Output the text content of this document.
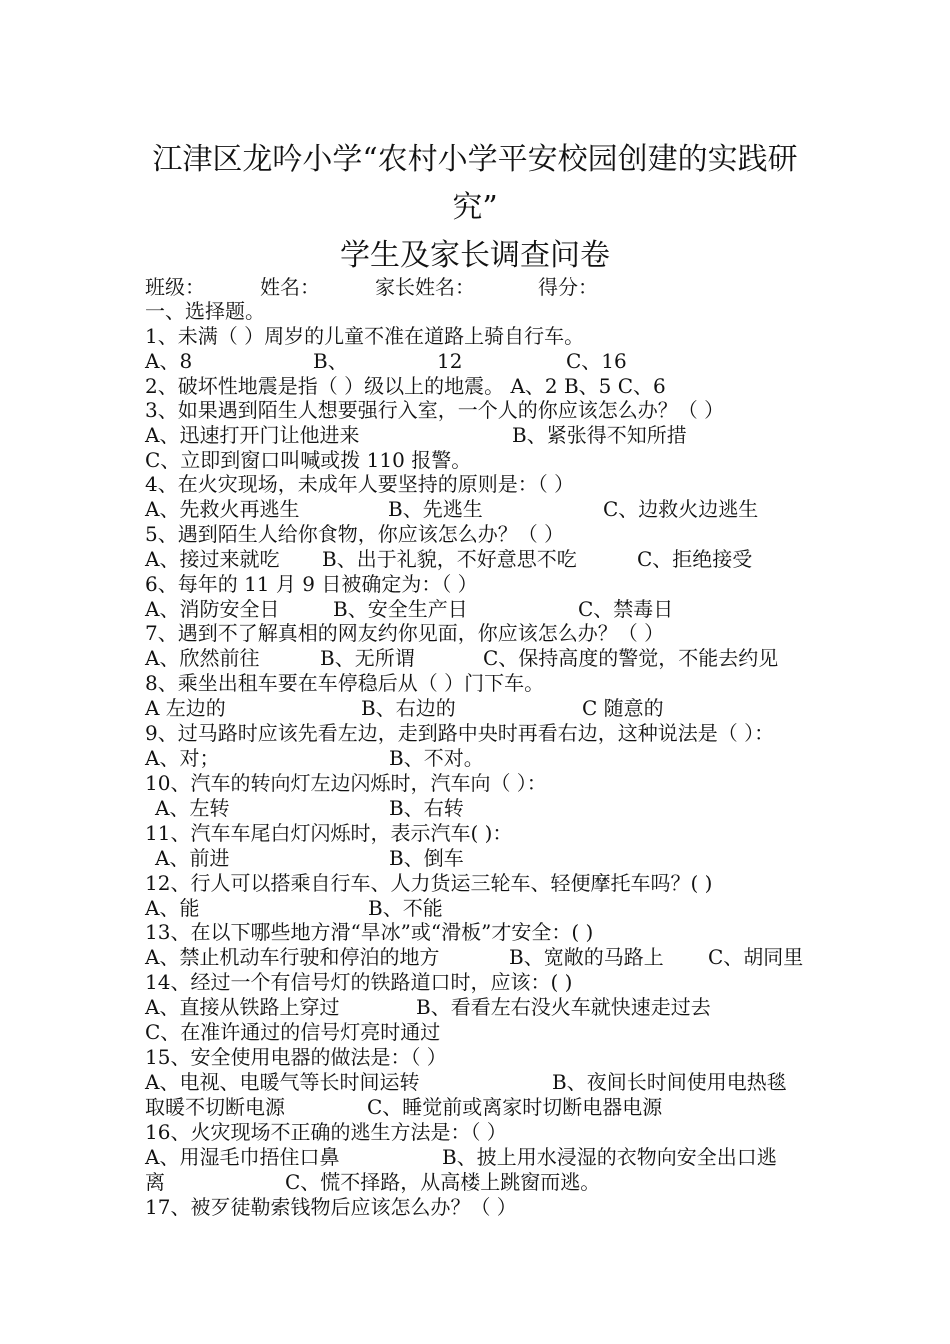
江津区龙吟小学“农村小学平安校园创建的实践研
究”
学生及家长调查问卷
班级：	姓名：	家长姓名：	得分：
一、选择题。
1、未满（ ）周岁的儿童不准在道路上骑自行车。
A、8	B、	12	C、16
2、破坏性地震是指（ ）级以上的地震。 A、2 B、5 C、6
3、如果遇到陌生人想要强行入室，一个人的你应该怎么办？（ ）
A、迅速打开门让他进来	B、紧张得不知所措
C、立即到窗口叫喊或拨 110 报警。
4、在火灾现场，未成年人要坚持的原则是：（ ）
A、先救火再逃生	B、先逃生	C、边救火边逃生
5、遇到陌生人给你食物，你应该怎么办？（ ）
A、接过来就吃 B、出于礼貌，不好意思不吃	C、拒绝接受
6、每年的 11 月 9 日被确定为：（ ）
A、消防安全日	B、安全生产日	C、禁毒日
7、遇到不了解真相的网友约你见面，你应该怎么办？（ ）
A、欣然前往	B、无所谓	C、保持高度的警觉，不能去约见
8、乘坐出租车要在车停稳后从（ ）门下车。
A 左边的	B、右边的	C 随意的
9、过马路时应该先看左边，走到路中央时再看右边，这种说法是（ ）：
A、对；	B、不对。
10、汽车的转向灯左边闪烁时，汽车向（ ）：
A、左转	B、右转
11、汽车车尾白灯闪烁时，表示汽车( )：
A、前进	B、倒车
12、行人可以搭乘自行车、人力货运三轮车、轻便摩托车吗？( )
A、能	B、不能
13、在以下哪些地方滑“旱冰”或“滑板”才安全：( )
A、禁止机动车行驶和停泊的地方	B、宽敞的马路上 C、胡同里
14、经过一个有信号灯的铁路道口时，应该：( )
A、直接从铁路上穿过	B、看看左右没火车就快速走过去
C、在准许通过的信号灯亮时通过
15、安全使用电器的做法是：（ ）
A、电视、电暖气等长时间运转	B、夜间长时间使用电热毯
取暖不切断电源	C、睡觉前或离家时切断电器电源
16、火灾现场不正确的逃生方法是：（ ）
A、用湿毛巾捂住口鼻	B、披上用水浸湿的衣物向安全出口逃
离	C、慌不择路，从高楼上跳窗而逃。
17、被歹徒勒索钱物后应该怎么办？（ ）
